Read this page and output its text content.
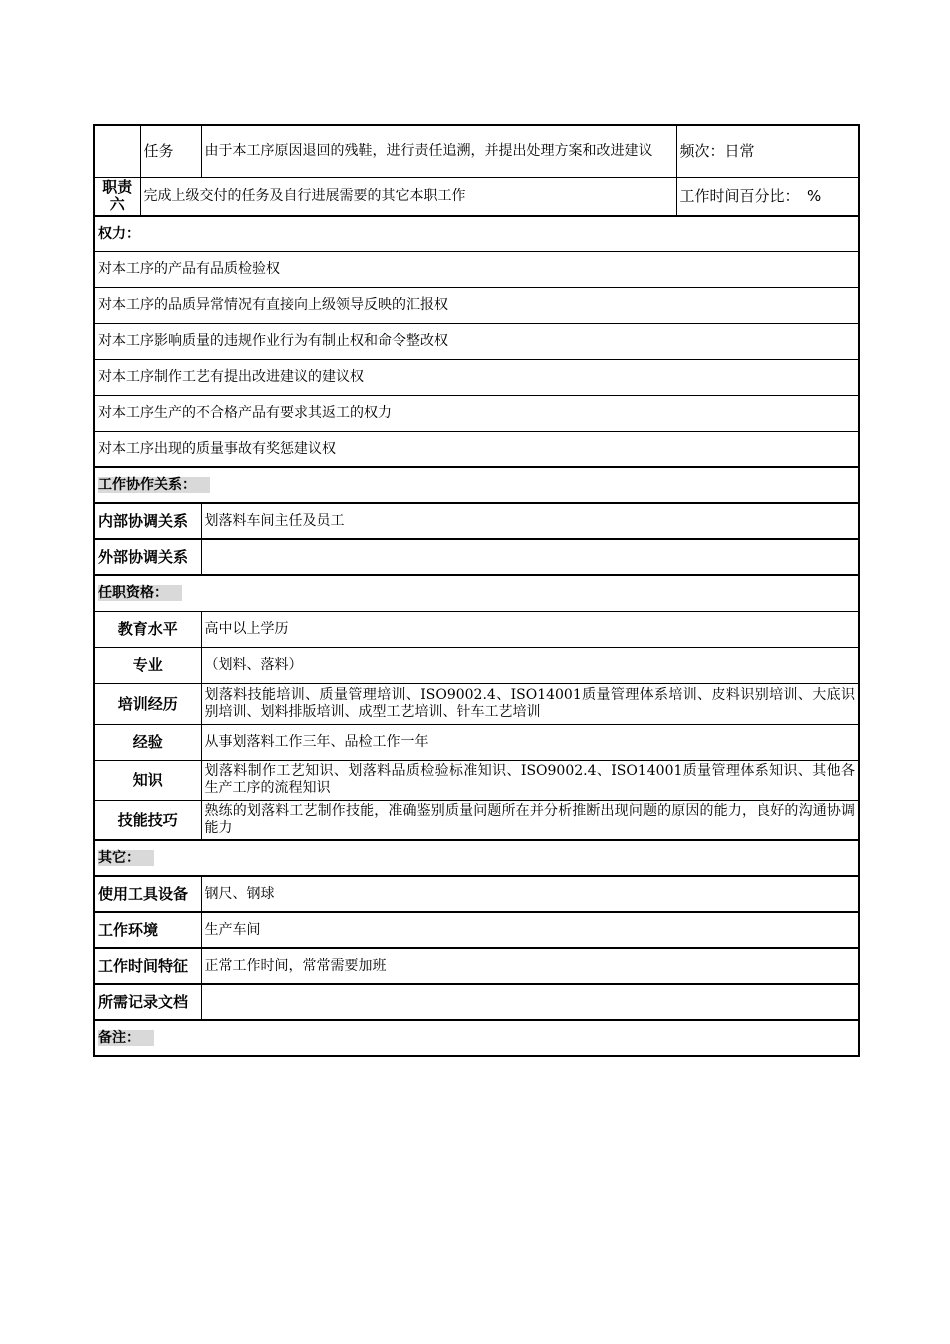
	任务	由于本工序原因退回的残鞋，进行责任追溯，并提出处理方案和改进建议	频次：日常
职责六	完成上级交付的任务及自行进展需要的其它本职工作		工作时间百分比：　%
权力：			
对本工序的产品有品质检验权			
对本工序的品质异常情况有直接向上级领导反映的汇报权			
对本工序影响质量的违规作业行为有制止权和命令整改权			
对本工序制作工艺有提出改进建议的建议权			
对本工序生产的不合格产品有要求其返工的权力			
对本工序出现的质量事故有奖惩建议权			
工作协作关系：			
内部协调关系		划落料车间主任及员工	
外部协调关系			
任职资格：			
教育水平		高中以上学历	
专业		（划料、落料）	
培训经历		划落料技能培训、质量管理培训、ISO9002.4、ISO14001质量管理体系培训、皮料识别培训、大底识别培训、划料排版培训、成型工艺培训、针车工艺培训	
经验		从事划落料工作三年、品检工作一年	
知识		划落料制作工艺知识、划落料品质检验标准知识、ISO9002.4、ISO14001质量管理体系知识、其他各生产工序的流程知识	
技能技巧		熟练的划落料工艺制作技能，准确鉴别质量问题所在并分析推断出现问题的原因的能力，良好的沟通协调能力	
其它：			
使用工具设备		钢尺、钢球	
工作环境		生产车间	
工作时间特征		正常工作时间，常常需要加班	
所需记录文档			
备注：			
